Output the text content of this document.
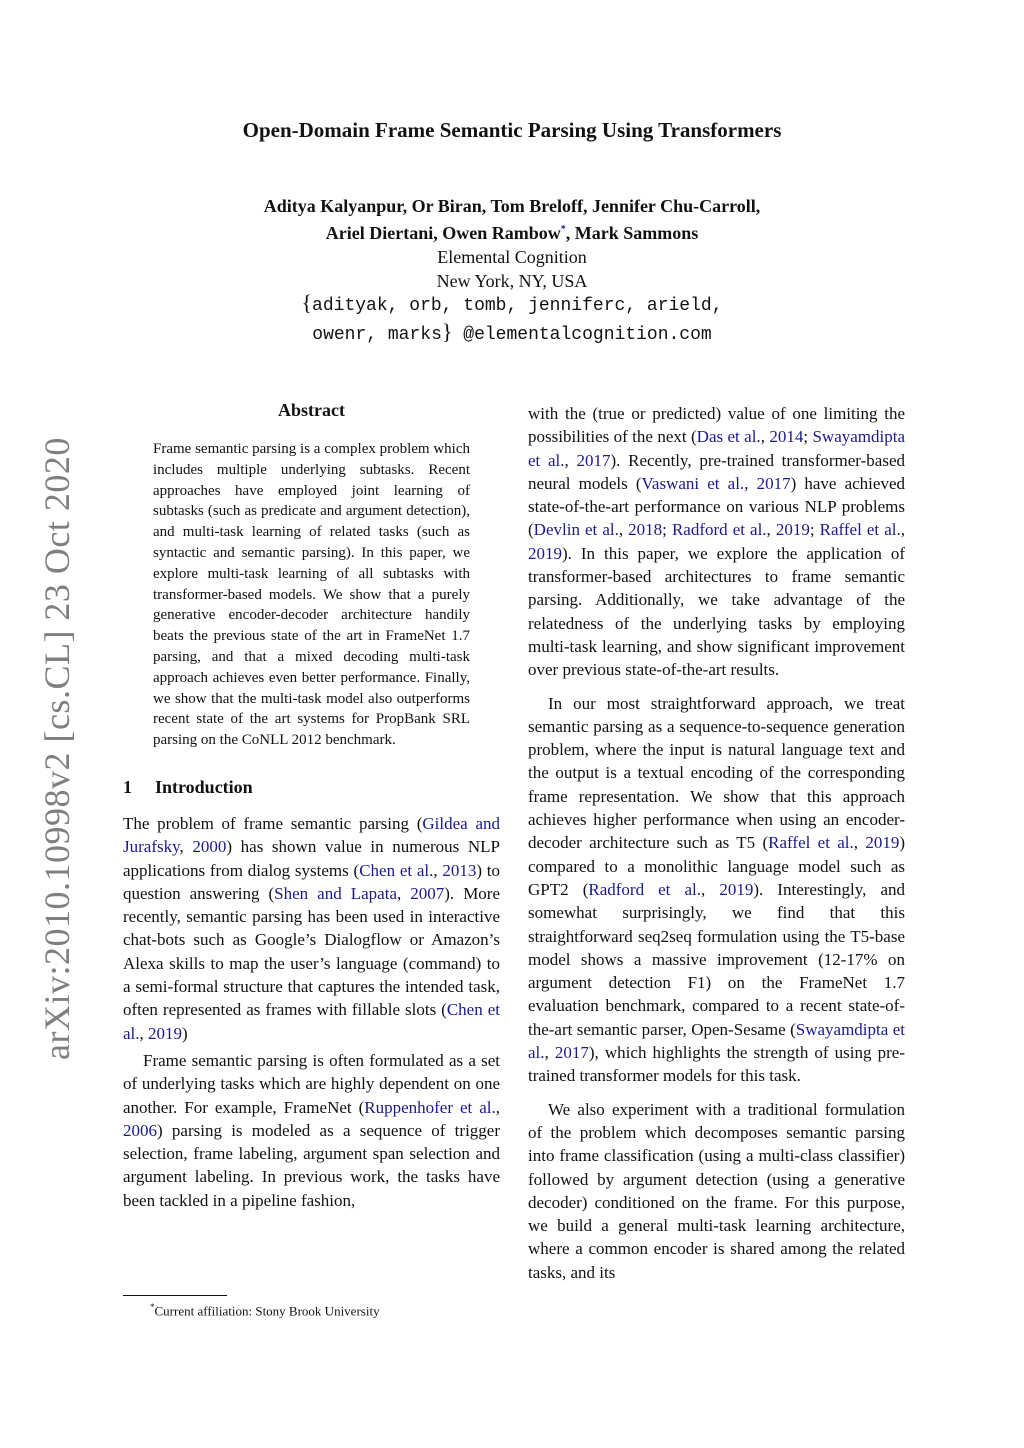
arXiv:2010.10998v2 [cs.CL] 23 Oct 2020
Open-Domain Frame Semantic Parsing Using Transformers
Aditya Kalyanpur, Or Biran, Tom Breloff, Jennifer Chu-Carroll,
Ariel Diertani, Owen Rambow*, Mark Sammons
Elemental Cognition
New York, NY, USA
{adityak, orb, tomb, jenniferc, arield,
owenr, marks} @elementalcognition.com
Abstract
Frame semantic parsing is a complex problem which includes multiple underlying subtasks. Recent approaches have employed joint learning of subtasks (such as predicate and argument detection), and multi-task learning of related tasks (such as syntactic and semantic parsing). In this paper, we explore multi-task learning of all subtasks with transformer-based models. We show that a purely generative encoder-decoder architecture handily beats the previous state of the art in FrameNet 1.7 parsing, and that a mixed decoding multi-task approach achieves even better performance. Finally, we show that the multi-task model also outperforms recent state of the art systems for PropBank SRL parsing on the CoNLL 2012 benchmark.
1 Introduction

The problem of frame semantic parsing (Gildea and Jurafsky, 2000) has shown value in numerous NLP applications from dialog systems (Chen et al., 2013) to question answering (Shen and Lapata, 2007). More recently, semantic parsing has been used in interactive chat-bots such as Google’s Dialogflow or Amazon’s Alexa skills to map the user’s language (command) to a semi-formal structure that captures the intended task, often represented as frames with fillable slots (Chen et al., 2019)

Frame semantic parsing is often formulated as a set of underlying tasks which are highly dependent on one another. For example, FrameNet (Ruppenhofer et al., 2006) parsing is modeled as a sequence of trigger selection, frame labeling, argument span selection and argument labeling. In previous work, the tasks have been tackled in a pipeline fashion,

with the (true or predicted) value of one limiting the possibilities of the next (Das et al., 2014; Swayamdipta et al., 2017). Recently, pre-trained transformer-based neural models (Vaswani et al., 2017) have achieved state-of-the-art performance on various NLP problems (Devlin et al., 2018; Radford et al., 2019; Raffel et al., 2019). In this paper, we explore the application of transformer-based architectures to frame semantic parsing. Additionally, we take advantage of the relatedness of the underlying tasks by employing multi-task learning, and show significant improvement over previous state-of-the-art results.

In our most straightforward approach, we treat semantic parsing as a sequence-to-sequence generation problem, where the input is natural language text and the output is a textual encoding of the corresponding frame representation. We show that this approach achieves higher performance when using an encoder-decoder architecture such as T5 (Raffel et al., 2019) compared to a monolithic language model such as GPT2 (Radford et al., 2019). Interestingly, and somewhat surprisingly, we find that this straightforward seq2seq formulation using the T5-base model shows a massive improvement (12-17% on argument detection F1) on the FrameNet 1.7 evaluation benchmark, compared to a recent state-of-the-art semantic parser, Open-Sesame (Swayamdipta et al., 2017), which highlights the strength of using pre-trained transformer models for this task.

We also experiment with a traditional formulation of the problem which decomposes semantic parsing into frame classification (using a multi-class classifier) followed by argument detection (using a generative decoder) conditioned on the frame. For this purpose, we build a general multi-task learning architecture, where a common encoder is shared among the related tasks, and its

*Current affiliation: Stony Brook University
